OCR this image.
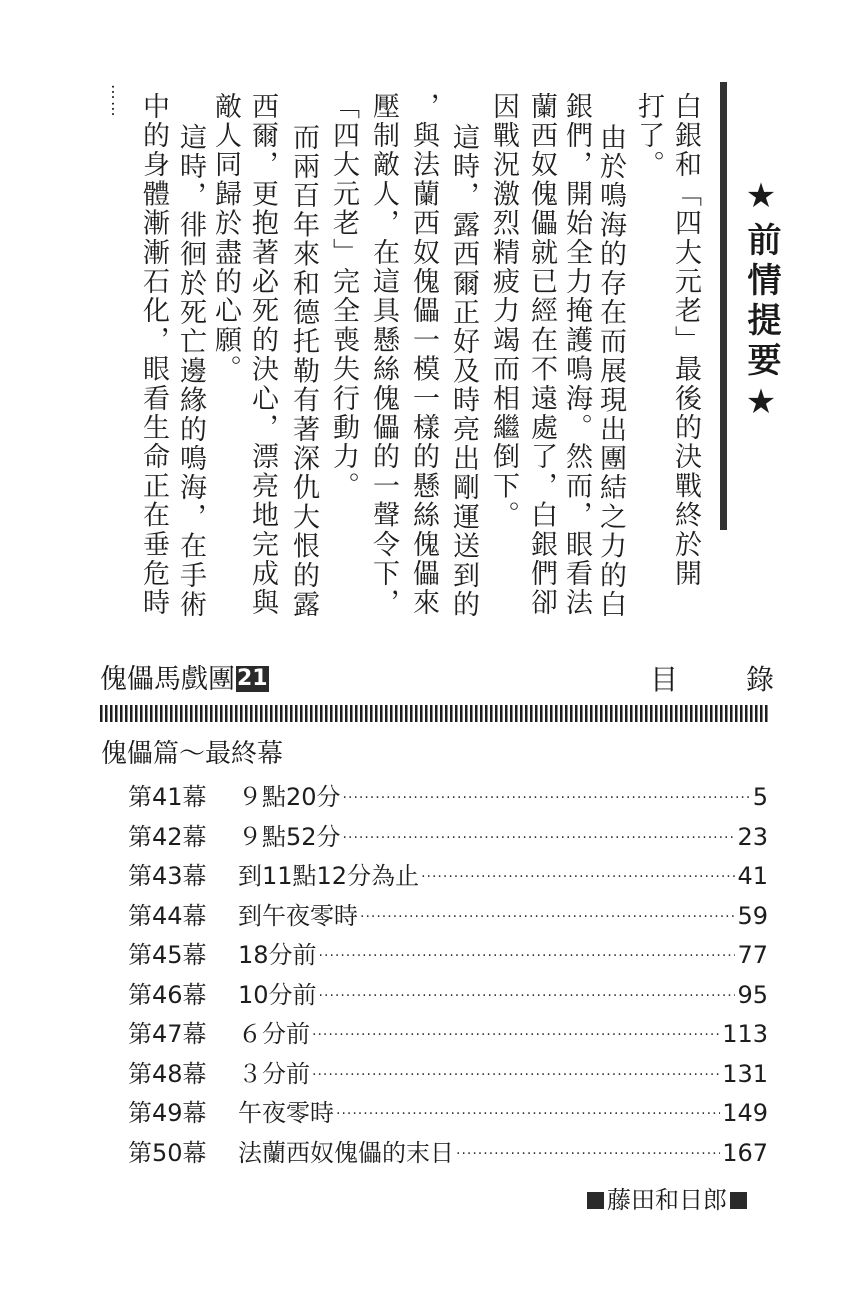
★前情提要★
白銀和「四大元老」最後的決戰終於開
打了。
由於鳴海的存在而展現出團結之力的白
銀們，開始全力掩護鳴海。然而，眼看法
蘭西奴傀儡就已經在不遠處了，白銀們卻
因戰況激烈精疲力竭而相繼倒下。
這時，露西爾正好及時亮出剛運送到的
，與法蘭西奴傀儡一模一樣的懸絲傀儡來
壓制敵人，在這具懸絲傀儡的一聲令下，
「四大元老」完全喪失行動力。
而兩百年來和德托勒有著深仇大恨的露
西爾，更抱著必死的決心，漂亮地完成與
敵人同歸於盡的心願。
這時，徘徊於死亡邊緣的鳴海，在手術
中的身體漸漸石化，眼看生命正在垂危時
⋯⋯
傀儡馬戲團21	目 錄
傀儡篇～最終幕
第41幕	９點20分 ·····	5
第42幕	９點52分 ·····	23
第43幕	到11點12分為止 ·····	41
第44幕	到午夜零時 ·····	59
第45幕	18分前 ·····	77
第46幕	10分前 ·····	95
第47幕	６分前 ·····	113
第48幕	３分前 ·····	131
第49幕	午夜零時 ·····	149
第50幕	法蘭西奴傀儡的末日 ·····	167
藤田和日郎
